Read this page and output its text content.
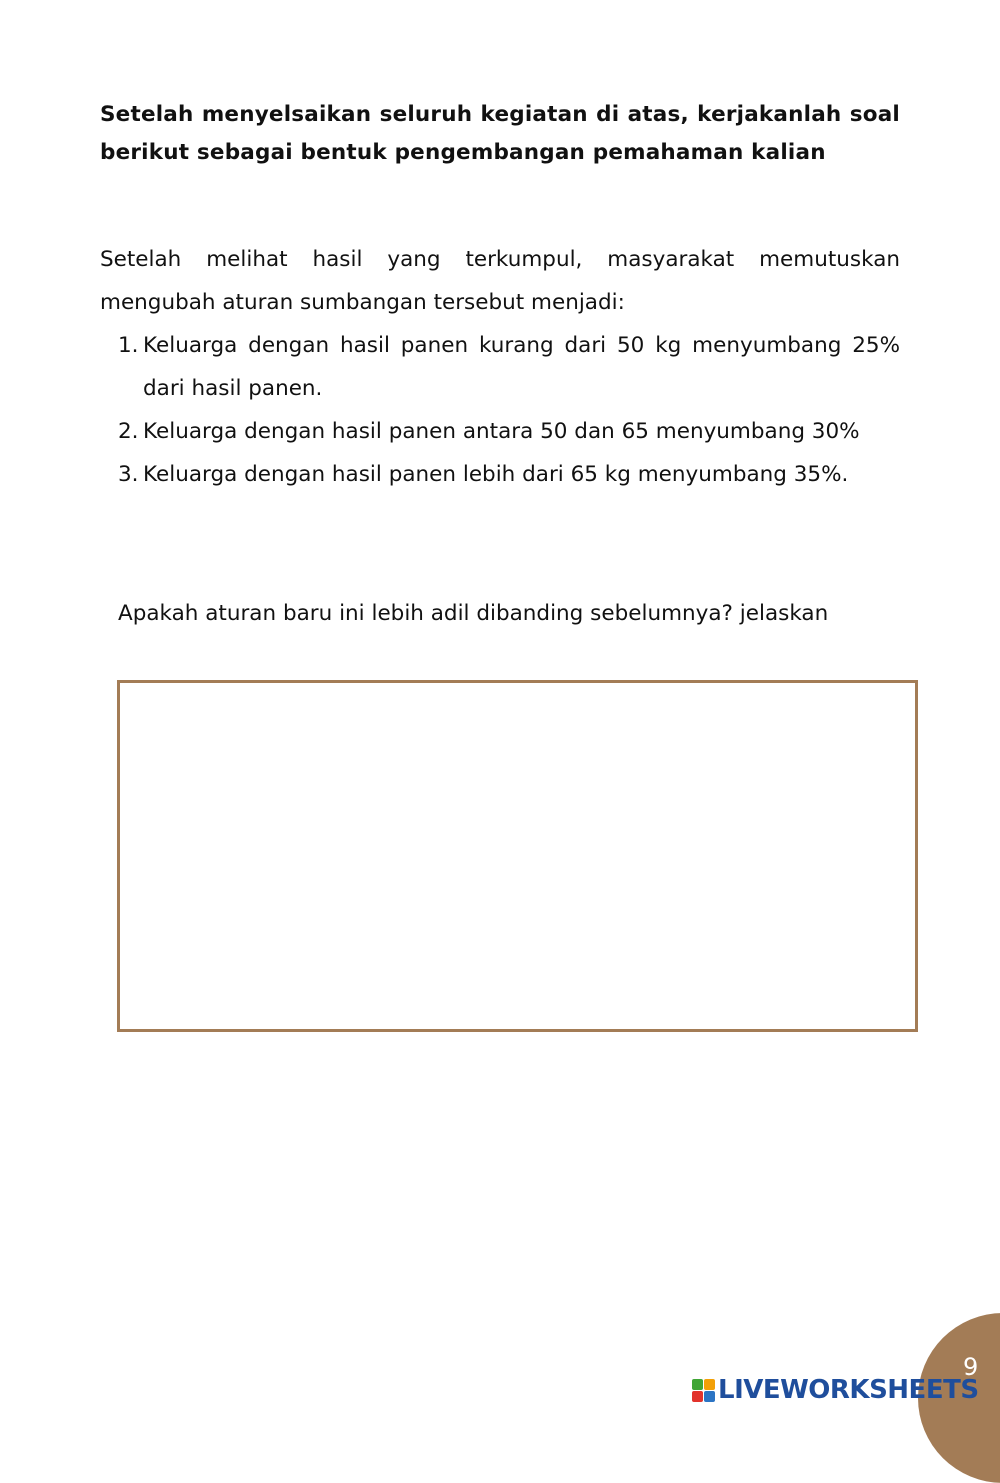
Setelah menyelsaikan seluruh kegiatan di atas, kerjakanlah soal berikut sebagai bentuk pengembangan pemahaman kalian

Setelah melihat hasil yang terkumpul, masyarakat memutuskan mengubah aturan sumbangan tersebut menjadi:

1. Keluarga dengan hasil panen kurang dari 50 kg menyumbang 25% dari hasil panen.
2. Keluarga dengan hasil panen antara 50 dan 65 menyumbang 30%
3. Keluarga dengan hasil panen lebih dari 65 kg menyumbang 35%.

Apakah aturan baru ini lebih adil dibanding sebelumnya? jelaskan

9
LIVEWORKSHEETS
